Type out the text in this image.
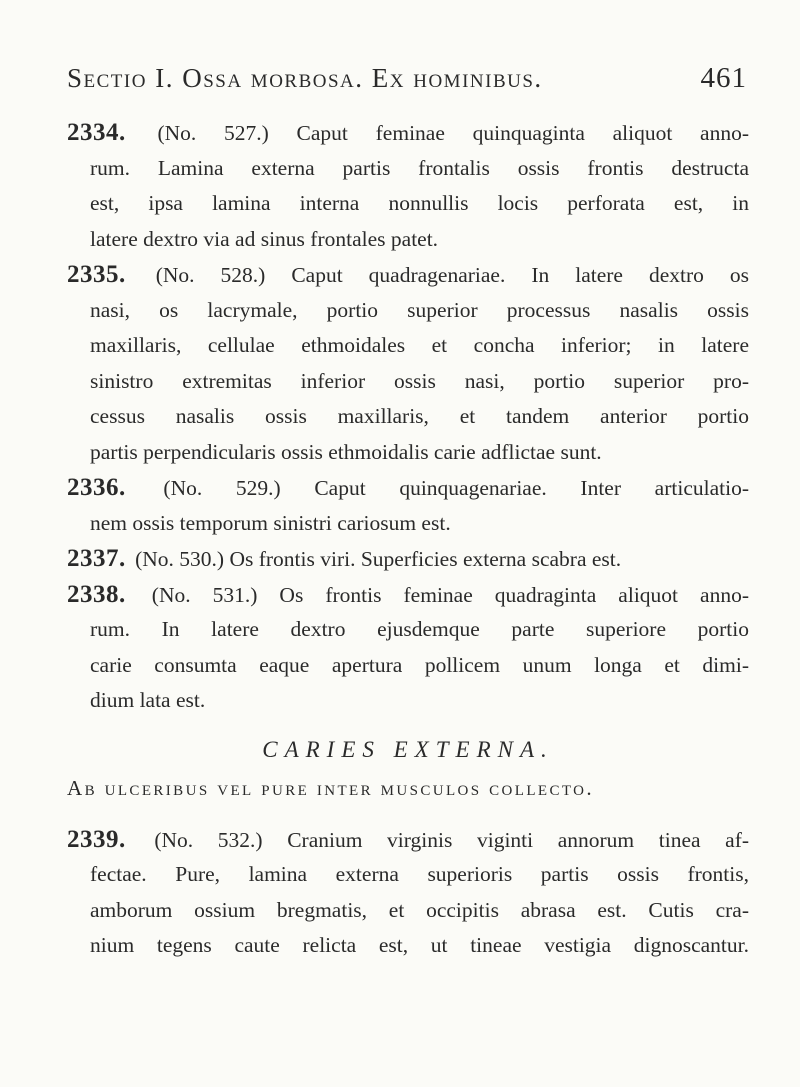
Sectio I. Ossa morbosa. Ex hominibus.	461
2334. (No. 527.) Caput feminae quinquaginta aliquot anno-
rum. Lamina externa partis frontalis ossis frontis destructa
est, ipsa lamina interna nonnullis locis perforata est, in
latere dextro via ad sinus frontales patet.
2335. (No. 528.) Caput quadragenariae. In latere dextro os
nasi, os lacrymale, portio superior processus nasalis ossis
maxillaris, cellulae ethmoidales et concha inferior; in latere
sinistro extremitas inferior ossis nasi, portio superior pro-
cessus nasalis ossis maxillaris, et tandem anterior portio
partis perpendicularis ossis ethmoidalis carie adflictae sunt.
2336. (No. 529.) Caput quinquagenariae. Inter articulatio-
nem ossis temporum sinistri cariosum est.
2337. (No. 530.) Os frontis viri. Superficies externa scabra est.
2338. (No. 531.) Os frontis feminae quadraginta aliquot anno-
rum. In latere dextro ejusdemque parte superiore portio
carie consumta eaque apertura pollicem unum longa et dimi-
dium lata est.
CARIES EXTERNA.
Ab ulceribus vel pure inter musculos collecto.
2339. (No. 532.) Cranium virginis viginti annorum tinea af-
fectae. Pure, lamina externa superioris partis ossis frontis,
amborum ossium bregmatis, et occipitis abrasa est. Cutis cra-
nium tegens caute relicta est, ut tineae vestigia dignoscantur.
